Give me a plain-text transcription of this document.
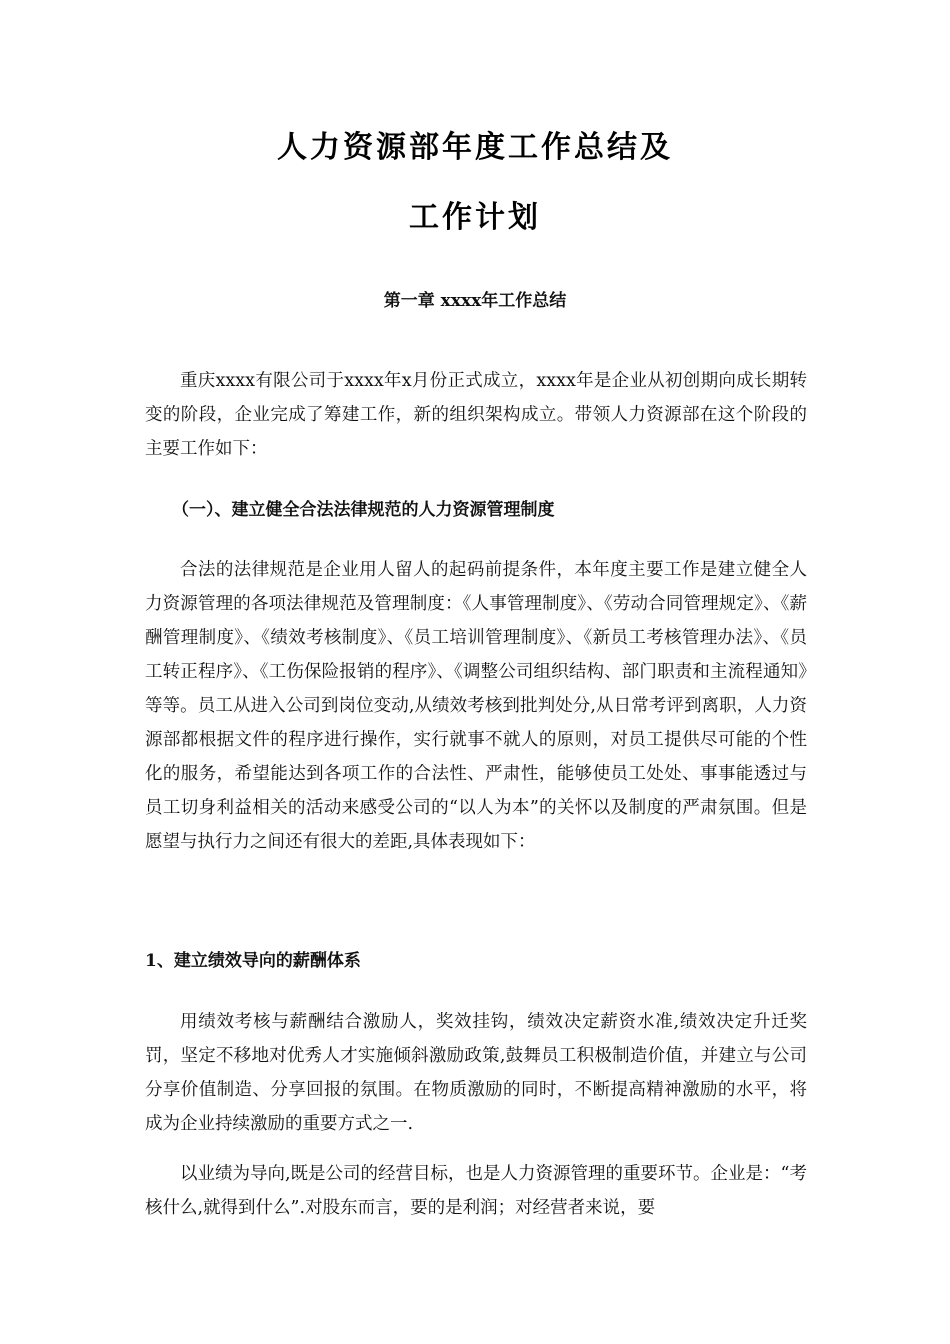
人力资源部年度工作总结及
工作计划
第一章 xxxx年工作总结

重庆xxxx有限公司于xxxx年x月份正式成立，xxxx年是企业从初创期向成长期转变的阶段，企业完成了筹建工作，新的组织架构成立。带领人力资源部在这个阶段的主要工作如下：

（一）、建立健全合法法律规范的人力资源管理制度

合法的法律规范是企业用人留人的起码前提条件，本年度主要工作是建立健全人力资源管理的各项法律规范及管理制度：《人事管理制度》、《劳动合同管理规定》、《薪酬管理制度》、《绩效考核制度》、《员工培训管理制度》、《新员工考核管理办法》、《员工转正程序》、《工伤保险报销的程序》、《调整公司组织结构、部门职责和主流程通知》等等。员工从进入公司到岗位变动,从绩效考核到批判处分,从日常考评到离职，人力资源部都根据文件的程序进行操作，实行就事不就人的原则，对员工提供尽可能的个性化的服务，希望能达到各项工作的合法性、严肃性，能够使员工处处、事事能透过与员工切身利益相关的活动来感受公司的“以人为本”的关怀以及制度的严肃氛围。但是愿望与执行力之间还有很大的差距,具体表现如下：

1、建立绩效导向的薪酬体系

用绩效考核与薪酬结合激励人，奖效挂钩，绩效决定薪资水准,绩效决定升迁奖罚，坚定不移地对优秀人才实施倾斜激励政策,鼓舞员工积极制造价值，并建立与公司分享价值制造、分享回报的氛围。在物质激励的同时，不断提高精神激励的水平，将成为企业持续激励的重要方式之一.

以业绩为导向,既是公司的经营目标，也是人力资源管理的重要环节。企业是：“考核什么,就得到什么”.对股东而言，要的是利润；对经营者来说，要
